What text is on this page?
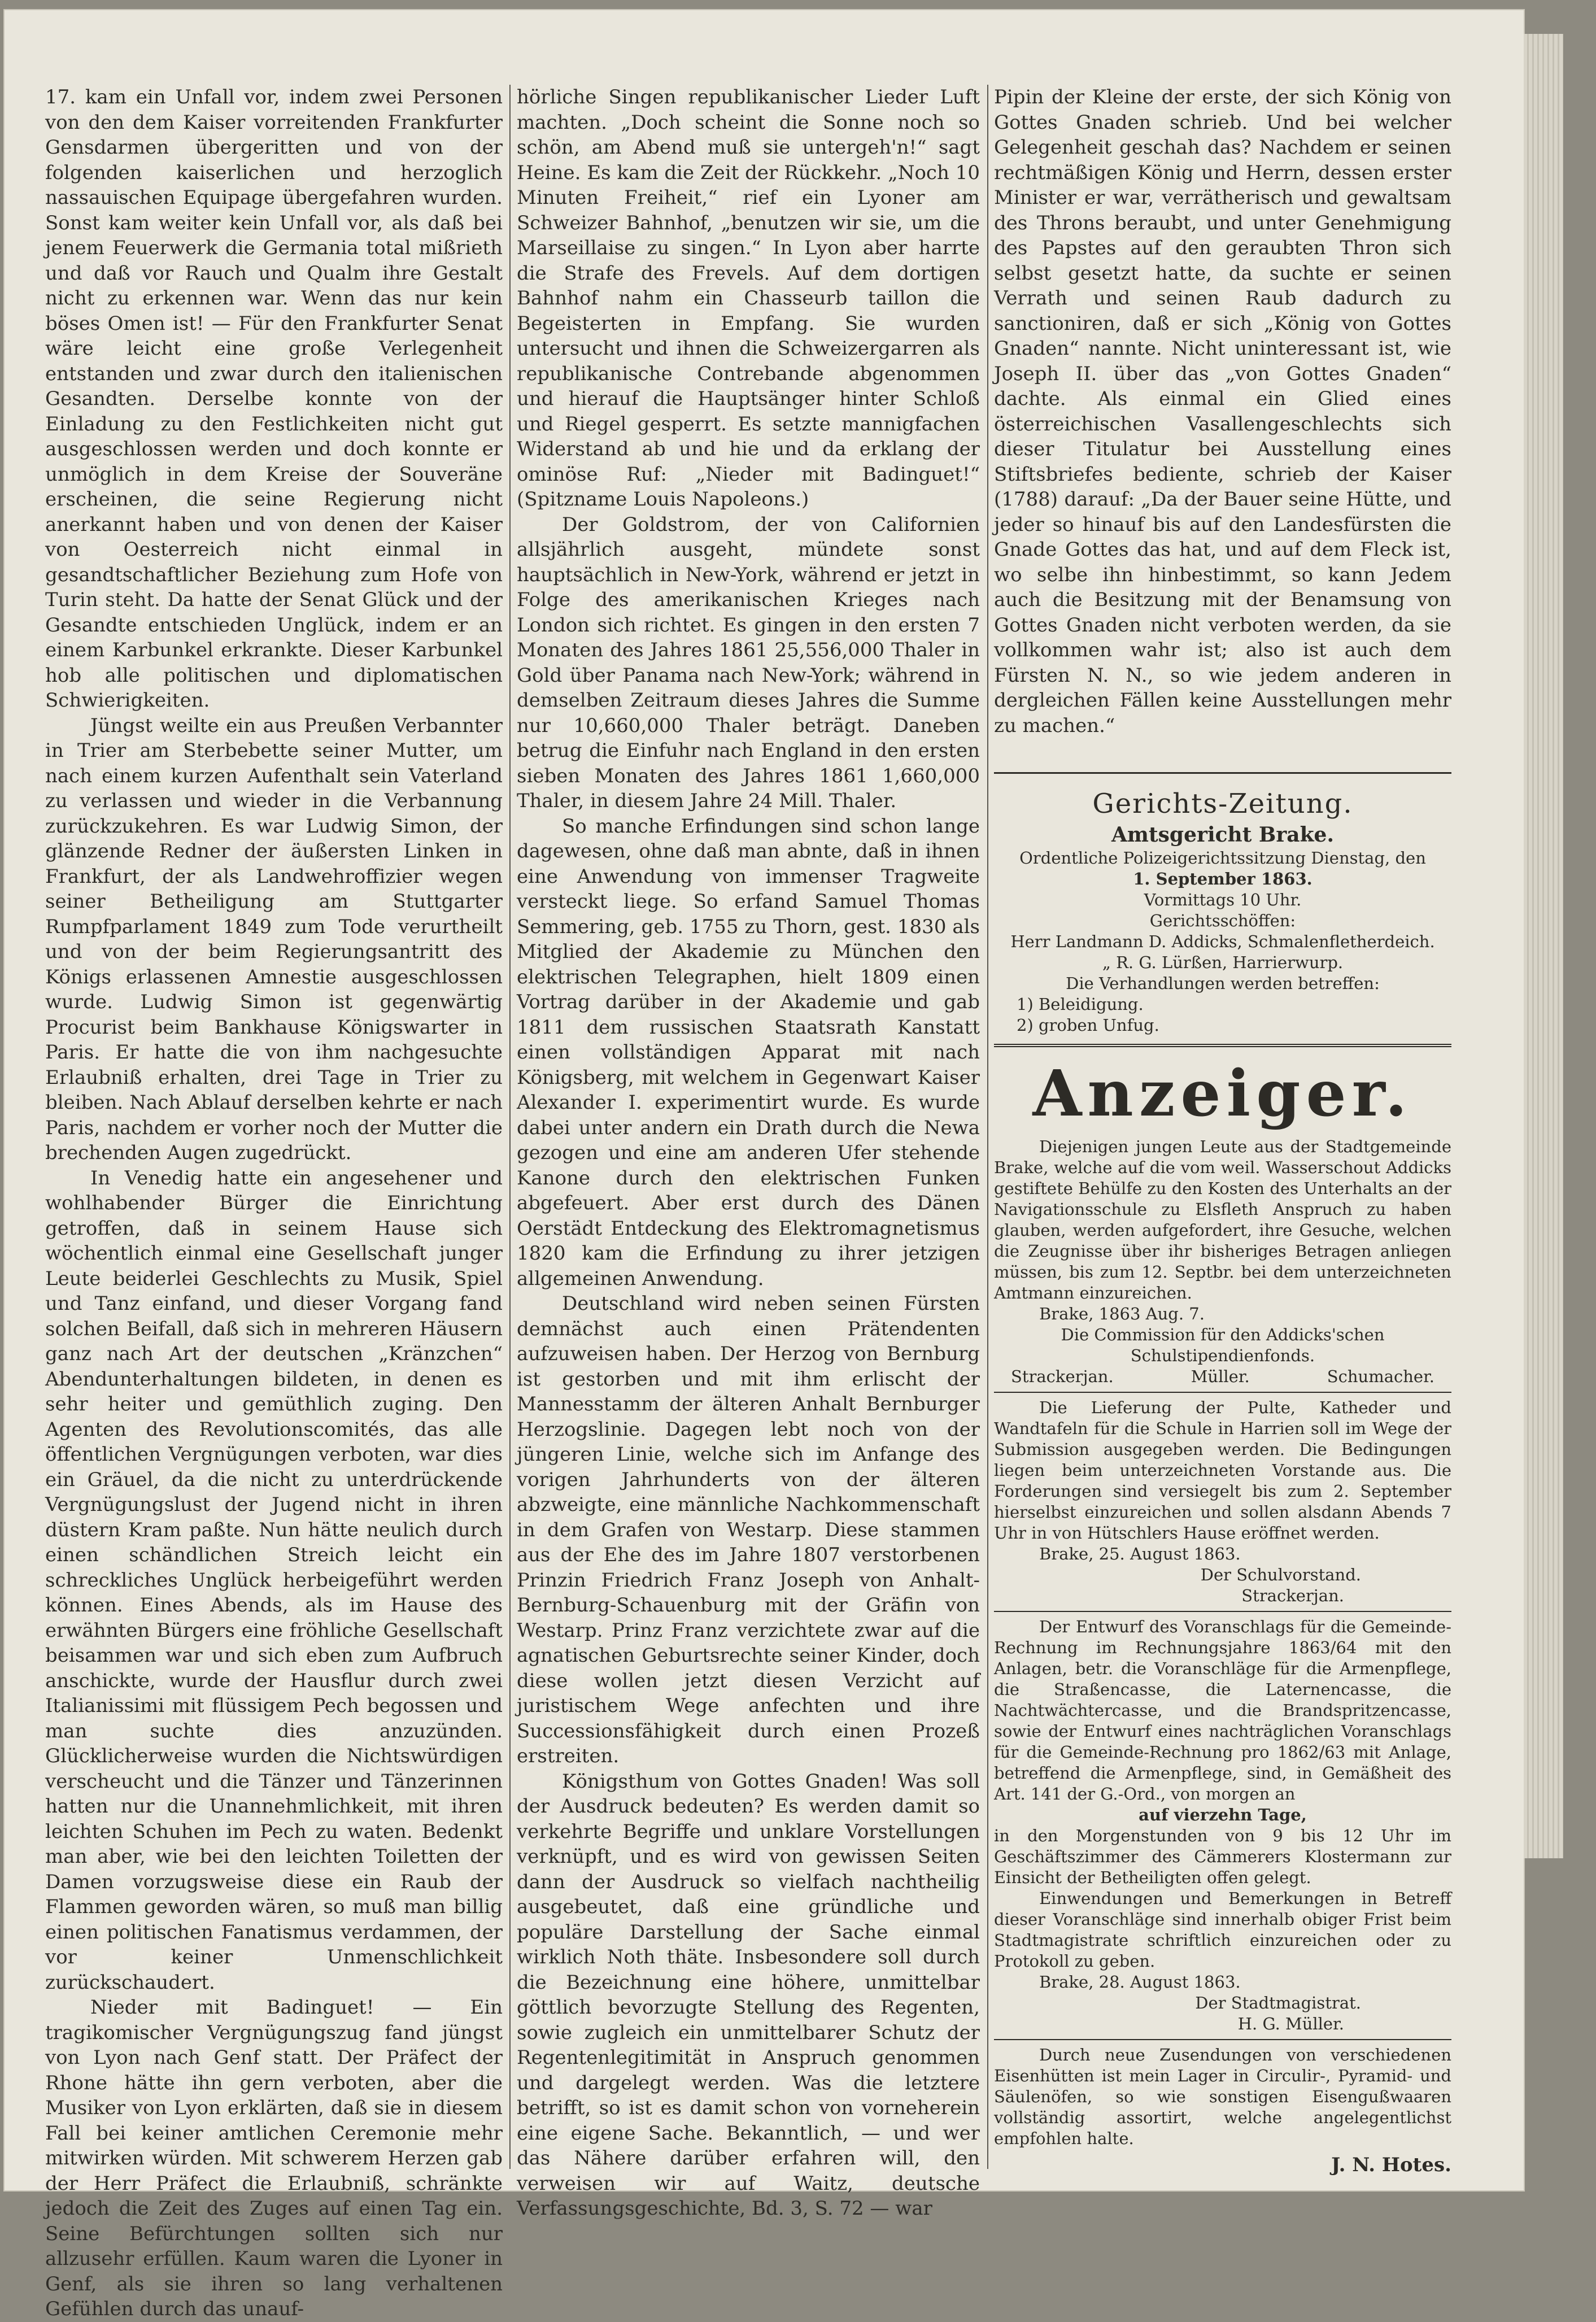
17. kam ein Unfall vor, indem zwei Personen von den dem Kaiser vorreitenden Frankfurter Gensdarmen übergeritten und von der folgenden kaiserlichen und herzoglich nassauischen Equipage übergefahren wurden. Sonst kam weiter kein Unfall vor, als daß bei jenem Feuerwerk die Germania total mißrieth und daß vor Rauch und Qualm ihre Gestalt nicht zu erkennen war. Wenn das nur kein böses Omen ist! — Für den Frankfurter Senat wäre leicht eine große Verlegenheit entstanden und zwar durch den italienischen Gesandten. Derselbe konnte von der Einladung zu den Festlichkeiten nicht gut ausgeschlossen werden und doch konnte er unmöglich in dem Kreise der Souveräne erscheinen, die seine Regierung nicht anerkannt haben und von denen der Kaiser von Oesterreich nicht einmal in gesandtschaftlicher Beziehung zum Hofe von Turin steht. Da hatte der Senat Glück und der Gesandte entschieden Unglück, indem er an einem Karbunkel erkrankte. Dieser Karbunkel hob alle politischen und diplomatischen Schwierigkeiten.

Jüngst weilte ein aus Preußen Verbannter in Trier am Sterbebette seiner Mutter, um nach einem kurzen Aufenthalt sein Vaterland zu verlassen und wieder in die Verbannung zurückzukehren. Es war Ludwig Simon, der glänzende Redner der äußersten Linken in Frankfurt, der als Landwehroffizier wegen seiner Betheiligung am Stuttgarter Rumpfparlament 1849 zum Tode verurtheilt und von der beim Regierungsantritt des Königs erlassenen Amnestie ausgeschlossen wurde. Ludwig Simon ist gegenwärtig Procurist beim Bankhause Königswarter in Paris. Er hatte die von ihm nachgesuchte Erlaubniß erhalten, drei Tage in Trier zu bleiben. Nach Ablauf derselben kehrte er nach Paris, nachdem er vorher noch der Mutter die brechenden Augen zugedrückt.

In Venedig hatte ein angesehener und wohlhabender Bürger die Einrichtung getroffen, daß in seinem Hause sich wöchentlich einmal eine Gesellschaft junger Leute beiderlei Geschlechts zu Musik, Spiel und Tanz einfand, und dieser Vorgang fand solchen Beifall, daß sich in mehreren Häusern ganz nach Art der deutschen „Kränzchen“ Abendunterhaltungen bildeten, in denen es sehr heiter und gemüthlich zuging. Den Agenten des Revolutionscomités, das alle öffentlichen Vergnügungen verboten, war dies ein Gräuel, da die nicht zu unterdrückende Vergnügungslust der Jugend nicht in ihren düstern Kram paßte. Nun hätte neulich durch einen schändlichen Streich leicht ein schreckliches Unglück herbeigeführt werden können. Eines Abends, als im Hause des erwähnten Bürgers eine fröhliche Gesellschaft beisammen war und sich eben zum Aufbruch anschickte, wurde der Hausflur durch zwei Italianissimi mit flüssigem Pech begossen und man suchte dies anzuzünden. Glücklicherweise wurden die Nichtswürdigen verscheucht und die Tänzer und Tänzerinnen hatten nur die Unannehmlichkeit, mit ihren leichten Schuhen im Pech zu waten. Bedenkt man aber, wie bei den leichten Toiletten der Damen vorzugsweise diese ein Raub der Flammen geworden wären, so muß man billig einen politischen Fanatismus verdammen, der vor keiner Unmenschlichkeit zurückschaudert.

Nieder mit Badinguet! — Ein tragikomischer Vergnügungszug fand jüngst von Lyon nach Genf statt. Der Präfect der Rhone hätte ihn gern verboten, aber die Musiker von Lyon erklärten, daß sie in diesem Fall bei keiner amtlichen Ceremonie mehr mitwirken würden. Mit schwerem Herzen gab der Herr Präfect die Erlaubniß, schränkte jedoch die Zeit des Zuges auf einen Tag ein. Seine Befürchtungen sollten sich nur allzusehr erfüllen. Kaum waren die Lyoner in Genf, als sie ihren so lang verhaltenen Gefühlen durch das unauf-

hörliche Singen republikanischer Lieder Luft machten. „Doch scheint die Sonne noch so schön, am Abend muß sie untergeh'n!“ sagt Heine. Es kam die Zeit der Rückkehr. „Noch 10 Minuten Freiheit,“ rief ein Lyoner am Schweizer Bahnhof, „benutzen wir sie, um die Marseillaise zu singen.“ In Lyon aber harrte die Strafe des Frevels. Auf dem dortigen Bahnhof nahm ein Chasseurb taillon die Begeisterten in Empfang. Sie wurden untersucht und ihnen die Schweizergarren als republikanische Contrebande abgenommen und hierauf die Hauptsänger hinter Schloß und Riegel gesperrt. Es setzte mannigfachen Widerstand ab und hie und da erklang der ominöse Ruf: „Nieder mit Badinguet!“ (Spitzname Louis Napoleons.)

Der Goldstrom, der von Californien allsjährlich ausgeht, mündete sonst hauptsächlich in New-York, während er jetzt in Folge des amerikanischen Krieges nach London sich richtet. Es gingen in den ersten 7 Monaten des Jahres 1861 25,556,000 Thaler in Gold über Panama nach New-York; während in demselben Zeitraum dieses Jahres die Summe nur 10,660,000 Thaler beträgt. Daneben betrug die Einfuhr nach England in den ersten sieben Monaten des Jahres 1861 1,660,000 Thaler, in diesem Jahre 24 Mill. Thaler.

So manche Erfindungen sind schon lange dagewesen, ohne daß man abnte, daß in ihnen eine Anwendung von immenser Tragweite versteckt liege. So erfand Samuel Thomas Semmering, geb. 1755 zu Thorn, gest. 1830 als Mitglied der Akademie zu München den elektrischen Telegraphen, hielt 1809 einen Vortrag darüber in der Akademie und gab 1811 dem russischen Staatsrath Kanstatt einen vollständigen Apparat mit nach Königsberg, mit welchem in Gegenwart Kaiser Alexander I. experimentirt wurde. Es wurde dabei unter andern ein Drath durch die Newa gezogen und eine am anderen Ufer stehende Kanone durch den elektrischen Funken abgefeuert. Aber erst durch des Dänen Oerstädt Entdeckung des Elektromagnetismus 1820 kam die Erfindung zu ihrer jetzigen allgemeinen Anwendung.

Deutschland wird neben seinen Fürsten demnächst auch einen Prätendenten aufzuweisen haben. Der Herzog von Bernburg ist gestorben und mit ihm erlischt der Mannesstamm der älteren Anhalt Bernburger Herzogslinie. Dagegen lebt noch von der jüngeren Linie, welche sich im Anfange des vorigen Jahrhunderts von der älteren abzweigte, eine männliche Nachkommenschaft in dem Grafen von Westarp. Diese stammen aus der Ehe des im Jahre 1807 verstorbenen Prinzin Friedrich Franz Joseph von Anhalt-Bernburg-Schauenburg mit der Gräfin von Westarp. Prinz Franz verzichtete zwar auf die agnatischen Geburtsrechte seiner Kinder, doch diese wollen jetzt diesen Verzicht auf juristischem Wege anfechten und ihre Successionsfähigkeit durch einen Prozeß erstreiten.

Königsthum von Gottes Gnaden! Was soll der Ausdruck bedeuten? Es werden damit so verkehrte Begriffe und unklare Vorstellungen verknüpft, und es wird von gewissen Seiten dann der Ausdruck so vielfach nachtheilig ausgebeutet, daß eine gründliche und populäre Darstellung der Sache einmal wirklich Noth thäte. Insbesondere soll durch die Bezeichnung eine höhere, unmittelbar göttlich bevorzugte Stellung des Regenten, sowie zugleich ein unmittelbarer Schutz der Regentenlegitimität in Anspruch genommen und dargelegt werden. Was die letztere betrifft, so ist es damit schon von vorneherein eine eigene Sache. Bekanntlich, — und wer das Nähere darüber erfahren will, den verweisen wir auf Waitz, deutsche Verfassungsgeschichte, Bd. 3, S. 72 — war

Pipin der Kleine der erste, der sich König von Gottes Gnaden schrieb. Und bei welcher Gelegenheit geschah das? Nachdem er seinen rechtmäßigen König und Herrn, dessen erster Minister er war, verrätherisch und gewaltsam des Throns beraubt, und unter Genehmigung des Papstes auf den geraubten Thron sich selbst gesetzt hatte, da suchte er seinen Verrath und seinen Raub dadurch zu sanctioniren, daß er sich „König von Gottes Gnaden“ nannte. Nicht uninteressant ist, wie Joseph II. über das „von Gottes Gnaden“ dachte. Als einmal ein Glied eines österreichischen Vasallengeschlechts sich dieser Titulatur bei Ausstellung eines Stiftsbriefes bediente, schrieb der Kaiser (1788) darauf: „Da der Bauer seine Hütte, und jeder so hinauf bis auf den Landesfürsten die Gnade Gottes das hat, und auf dem Fleck ist, wo selbe ihn hinbestimmt, so kann Jedem auch die Besitzung mit der Benamsung von Gottes Gnaden nicht verboten werden, da sie vollkommen wahr ist; also ist auch dem Fürsten N. N., so wie jedem anderen in dergleichen Fällen keine Ausstellungen mehr zu machen.“

Gerichts-Zeitung.
Amtsgericht Brake.
Ordentliche Polizeigerichtssitzung Dienstag, den
1. September 1863.
Vormittags 10 Uhr.
Gerichtsschöffen:
Herr Landmann D. Addicks, Schmalenfletherdeich.
„ R. G. Lürßen, Harrierwurp.
Die Verhandlungen werden betreffen:
1) Beleidigung.
2) groben Unfug.
Anzeiger.

Diejenigen jungen Leute aus der Stadtgemeinde Brake, welche auf die vom weil. Wasserschout Addicks gestiftete Behülfe zu den Kosten des Unterhalts an der Navigationsschule zu Elsfleth Anspruch zu haben glauben, werden aufgefordert, ihre Gesuche, welchen die Zeugnisse über ihr bisheriges Betragen anliegen müssen, bis zum 12. Septbr. bei dem unterzeichneten Amtmann einzureichen.

Brake, 1863 Aug. 7.

Die Commission für den Addicks'schen Schulstipendienfonds.

Strackerjan.	Müller.	Schumacher.

Die Lieferung der Pulte, Katheder und Wandtafeln für die Schule in Harrien soll im Wege der Submission ausgegeben werden. Die Bedingungen liegen beim unterzeichneten Vorstande aus. Die Forderungen sind versiegelt bis zum 2. September hierselbst einzureichen und sollen alsdann Abends 7 Uhr in von Hütschlers Hause eröffnet werden.

Brake, 25. August 1863.

Der Schulvorstand.

Strackerjan.

Der Entwurf des Voranschlags für die Gemeinde-Rechnung im Rechnungsjahre 1863/64 mit den Anlagen, betr. die Voranschläge für die Armenpflege, die Straßencasse, die Laternencasse, die Nachtwächtercasse, und die Brandspritzencasse, sowie der Entwurf eines nachträglichen Voranschlags für die Gemeinde-Rechnung pro 1862/63 mit Anlage, betreffend die Armenpflege, sind, in Gemäßheit des Art. 141 der G.-Ord., von morgen an

auf vierzehn Tage,

in den Morgenstunden von 9 bis 12 Uhr im Geschäftszimmer des Cämmerers Klostermann zur Einsicht der Betheiligten offen gelegt.

Einwendungen und Bemerkungen in Betreff dieser Voranschläge sind innerhalb obiger Frist beim Stadtmagistrate schriftlich einzureichen oder zu Protokoll zu geben.

Brake, 28. August 1863.

Der Stadtmagistrat.

H. G. Müller.

Durch neue Zusendungen von verschiedenen Eisenhütten ist mein Lager in Circulir-, Pyramid- und Säulenöfen, so wie sonstigen Eisengußwaaren vollständig assortirt, welche angelegentlichst empfohlen halte.

J. N. Hotes.
